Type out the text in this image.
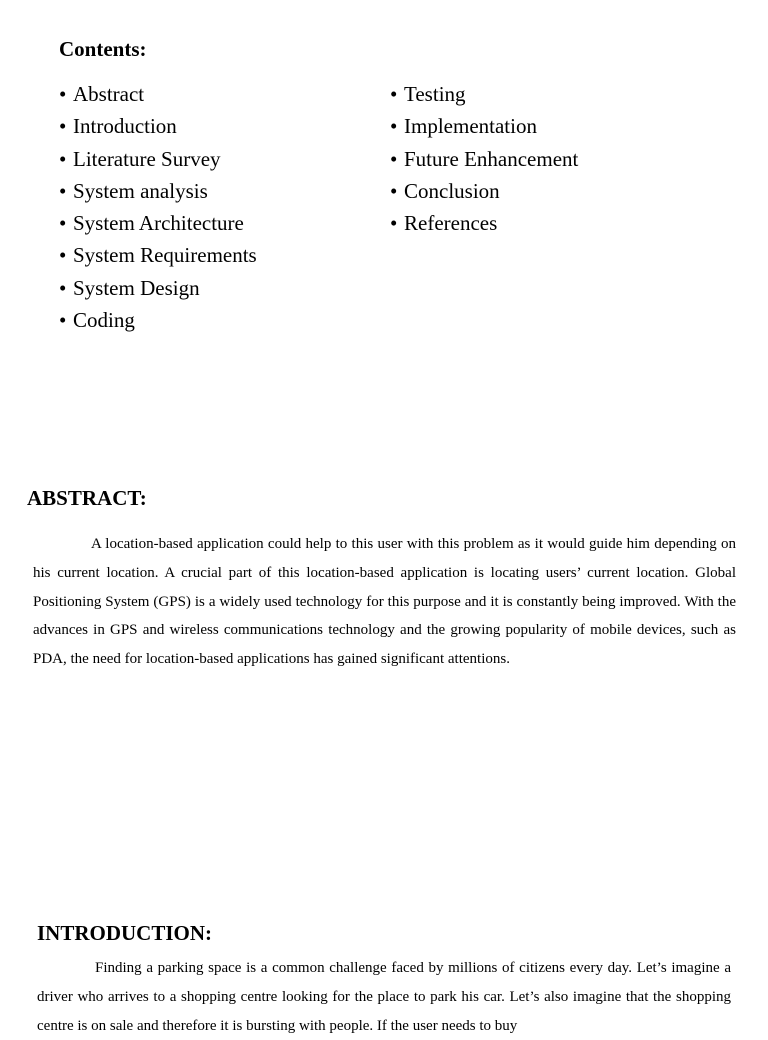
Contents:
• Abstract
• Introduction
• Literature Survey
• System analysis
• System Architecture
• System Requirements
• System Design
• Coding
• Testing
• Implementation
• Future Enhancement
• Conclusion
• References
ABSTRACT:

A location-based application could help to this user with this problem as it would guide him depending on his current location. A crucial part of this location-based application is locating users’ current location. Global Positioning System (GPS) is a widely used technology for this purpose and it is constantly being improved. With the advances in GPS and wireless communications technology and the growing popularity of mobile devices, such as PDA, the need for location-based applications has gained significant attentions.

INTRODUCTION:

Finding a parking space is a common challenge faced by millions of citizens every day. Let’s imagine a driver who arrives to a shopping centre looking for the place to park his car. Let’s also imagine that the shopping centre is on sale and therefore it is bursting with people. If the user needs to buy
